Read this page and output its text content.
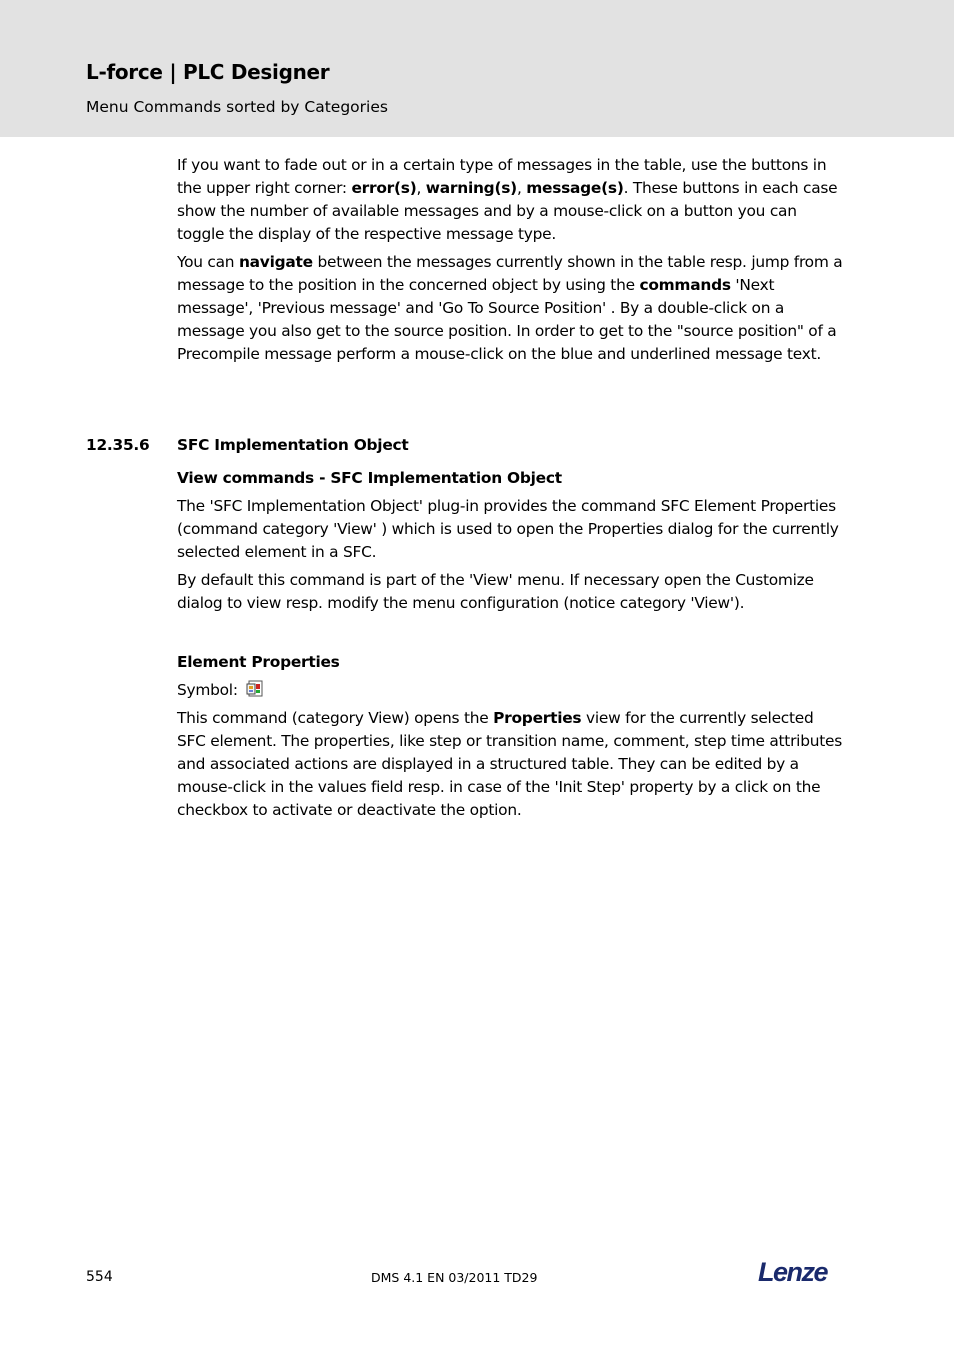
L-force | PLC Designer
Menu Commands sorted by Categories

If you want to fade out or in a certain type of messages in the table, use the buttons in the upper right corner: error(s), warning(s), message(s). These buttons in each case show the number of available messages and by a mouse-click on a button you can toggle the display of the respective message type.

You can navigate between the messages currently shown in the table resp. jump from a message to the position in the concerned object by using the commands 'Next message', 'Previous message' and 'Go To Source Position' . By a double-click on a message you also get to the source position. In order to get to the "source position" of a Precompile message perform a mouse-click on the blue and underlined message text.

12.35.6 SFC Implementation Object

View commands - SFC Implementation Object

The 'SFC Implementation Object' plug-in provides the command SFC Element Properties (command category 'View' ) which is used to open the Properties dialog for the currently selected element in a SFC.

By default this command is part of the 'View' menu. If necessary open the Customize dialog to view resp. modify the menu configuration (notice category 'View').

Element Properties

Symbol:

This command (category View) opens the Properties view for the currently selected SFC element. The properties, like step or transition name, comment, step time attributes and associated actions are displayed in a structured table. They can be edited by a mouse-click in the values field resp. in case of the 'Init Step' property by a click on the checkbox to activate or deactivate the option.

554	DMS 4.1 EN 03/2011 TD29	Lenze
